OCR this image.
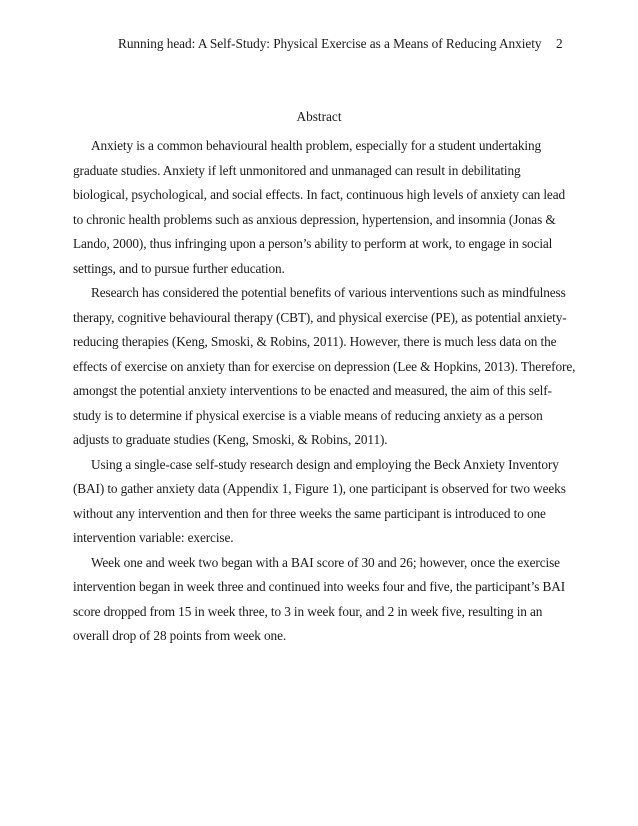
Running head: A Self-Study: Physical Exercise as a Means of Reducing Anxiety 2
Abstract
Anxiety is a common behavioural health problem, especially for a student undertaking
graduate studies. Anxiety if left unmonitored and unmanaged can result in debilitating
biological, psychological, and social effects. In fact, continuous high levels of anxiety can lead
to chronic health problems such as anxious depression, hypertension, and insomnia (Jonas &
Lando, 2000), thus infringing upon a person’s ability to perform at work, to engage in social
settings, and to pursue further education.
Research has considered the potential benefits of various interventions such as mindfulness
therapy, cognitive behavioural therapy (CBT), and physical exercise (PE), as potential anxiety-
reducing therapies (Keng, Smoski, & Robins, 2011). However, there is much less data on the
effects of exercise on anxiety than for exercise on depression (Lee & Hopkins, 2013). Therefore,
amongst the potential anxiety interventions to be enacted and measured, the aim of this self-
study is to determine if physical exercise is a viable means of reducing anxiety as a person
adjusts to graduate studies (Keng, Smoski, & Robins, 2011).
Using a single-case self-study research design and employing the Beck Anxiety Inventory
(BAI) to gather anxiety data (Appendix 1, Figure 1), one participant is observed for two weeks
without any intervention and then for three weeks the same participant is introduced to one
intervention variable: exercise.
Week one and week two began with a BAI score of 30 and 26; however, once the exercise
intervention began in week three and continued into weeks four and five, the participant’s BAI
score dropped from 15 in week three, to 3 in week four, and 2 in week five, resulting in an
overall drop of 28 points from week one.
